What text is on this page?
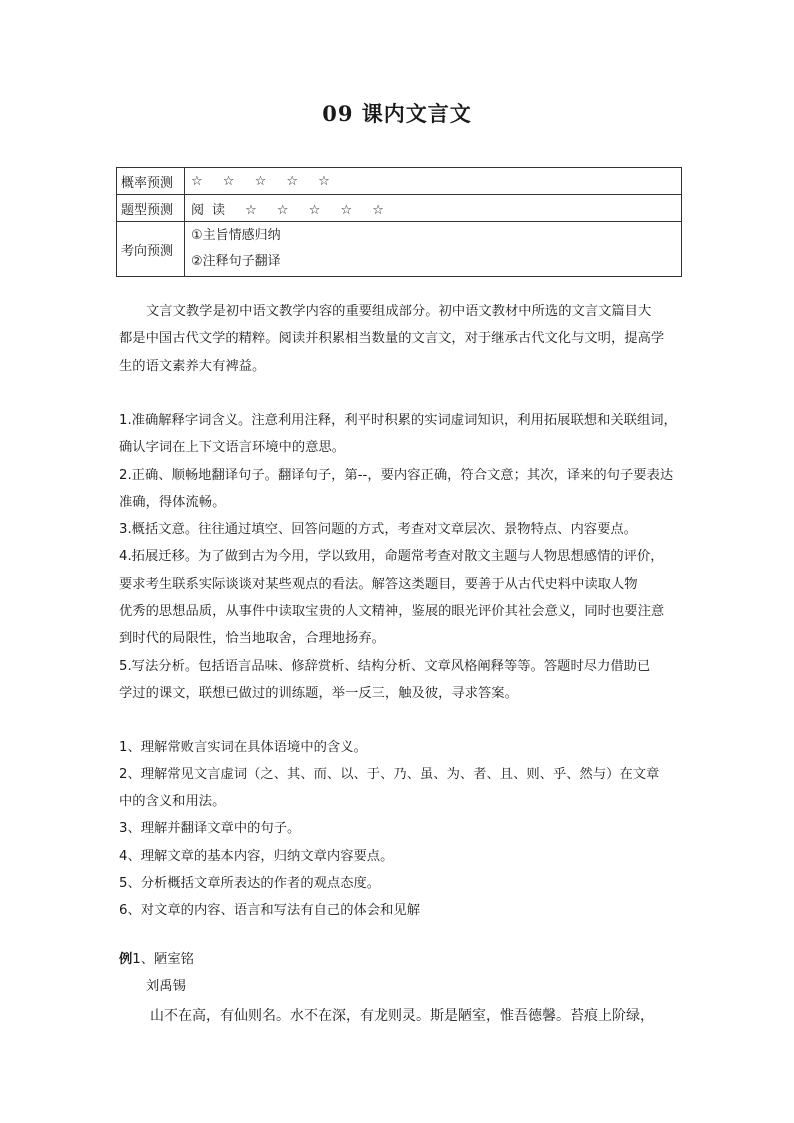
09 课内文言文
概率预测	☆ ☆ ☆ ☆ ☆
题型预测	阅读 ☆ ☆ ☆ ☆ ☆
考向预测	①主旨情感归纳
②注释句子翻译
文言文教学是初中语文教学内容的重要组成部分。初中语文教材中所选的文言文篇目大
都是中国古代文学的精粹。阅读并积累相当数量的文言文，对于继承古代文化与文明，提高学
生的语文素养大有裨益。
1.准确解释字词含义。注意利用注释，利平时积累的实词虚词知识，利用拓展联想和关联组词，
确认字词在上下文语言环境中的意思。
2.正确、顺畅地翻译句子。翻译句子，第--，要内容正确，符合文意；其次，译来的句子要表达
准确，得体流畅。
3.概括文意。往往通过填空、回答问题的方式，考查对文章层次、景物特点、内容要点。
4.拓展迁移。为了做到古为今用，学以致用，命题常考查对散文主题与人物思想感情的评价，
要求考生联系实际谈谈对某些观点的看法。解答这类题目，要善于从古代史料中读取人物
优秀的思想品质，从事件中读取宝贵的人文精神，鉴展的眼光评价其社会意义，同时也要注意
到时代的局限性，恰当地取舍，合理地扬弃。
5.写法分析。包括语言品味、修辞赏析、结构分析、文章风格阐释等等。答题时尽力借助已
学过的课文，联想已做过的训练题，举一反三，触及彼，寻求答案。
1、理解常败言实词在具体语境中的含义。
2、理解常见文言虚词（之、其、而、以、于、乃、虽、为、者、且、则、乎、然与）在文章
中的含义和用法。
3、理解并翻译文章中的句子。
4、理解文章的基本内容，归纳文章内容要点。
5、分析概括文章所表达的作者的观点态度。
6、对文章的内容、语言和写法有自己的体会和见解
例1、陋室铭
刘禹锡
山不在高，有仙则名。水不在深，有龙则灵。斯是陋室，惟吾德馨。苔痕上阶绿，
